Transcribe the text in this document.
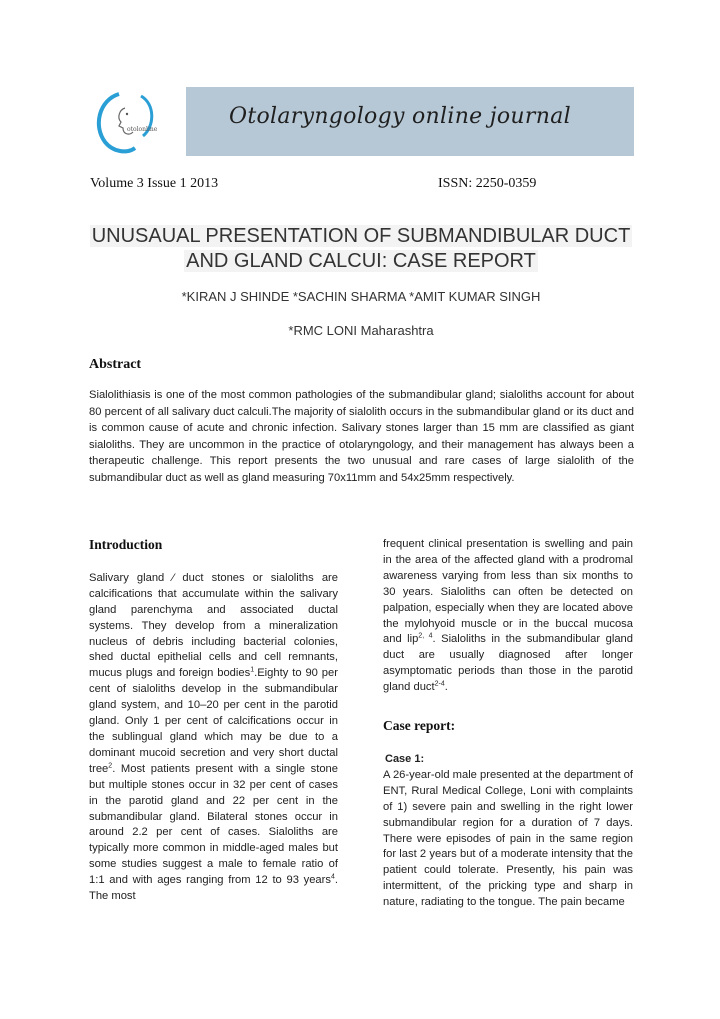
otolonline
Otolaryngology online journal
Volume 3 Issue 1 2013	ISSN: 2250-0359
UNUSAUAL PRESENTATION OF SUBMANDIBULAR DUCT
AND GLAND CALCUI: CASE REPORT
*KIRAN J SHINDE *SACHIN SHARMA *AMIT KUMAR SINGH
*RMC LONI Maharashtra
Abstract
Sialolithiasis is one of the most common pathologies of the submandibular gland; sialoliths account for about 80 percent of all salivary duct calculi.The majority of sialolith occurs in the submandibular gland or its duct and is common cause of acute and chronic infection. Salivary stones larger than 15 mm are classified as giant sialoliths. They are uncommon in the practice of otolaryngology, and their management has always been a therapeutic challenge. This report presents the two unusual and rare cases of large sialolith of the submandibular duct as well as gland measuring 70x11mm and 54x25mm respectively.

Introduction

Salivary gland ⁄ duct stones or sialoliths are calcifications that accumulate within the salivary gland parenchyma and associated ductal systems. They develop from a mineralization nucleus of debris including bacterial colonies, shed ductal epithelial cells and cell remnants, mucus plugs and foreign bodies$^1$.Eighty to 90 per cent of sialoliths develop in the submandibular gland system, and 10–20 per cent in the parotid gland. Only 1 per cent of calcifications occur in the sublingual gland which may be due to a dominant mucoid secretion and very short ductal tree$^2$. Most patients present with a single stone but multiple stones occur in 32 per cent of cases in the parotid gland and 22 per cent in the submandibular gland. Bilateral stones occur in around 2.2 per cent of cases. Sialoliths are typically more common in middle-aged males but some studies suggest a male to female ratio of 1:1 and with ages ranging from 12 to 93 years$^4$. The most

frequent clinical presentation is swelling and pain in the area of the affected gland with a prodromal awareness varying from less than six months to 30 years. Sialoliths can often be detected on palpation, especially when they are located above the mylohyoid muscle or in the buccal mucosa and lip$^{2, 4}$. Sialoliths in the submandibular gland duct are usually diagnosed after longer asymptomatic periods than those in the parotid gland duct$^{2-4}$.

Case report:

Case 1:

A 26-year-old male presented at the department of ENT, Rural Medical College, Loni with complaints of 1) severe pain and swelling in the right lower submandibular region for a duration of 7 days. There were episodes of pain in the same region for last 2 years but of a moderate intensity that the patient could tolerate. Presently, his pain was intermittent, of the pricking type and sharp in nature, radiating to the tongue. The pain became
